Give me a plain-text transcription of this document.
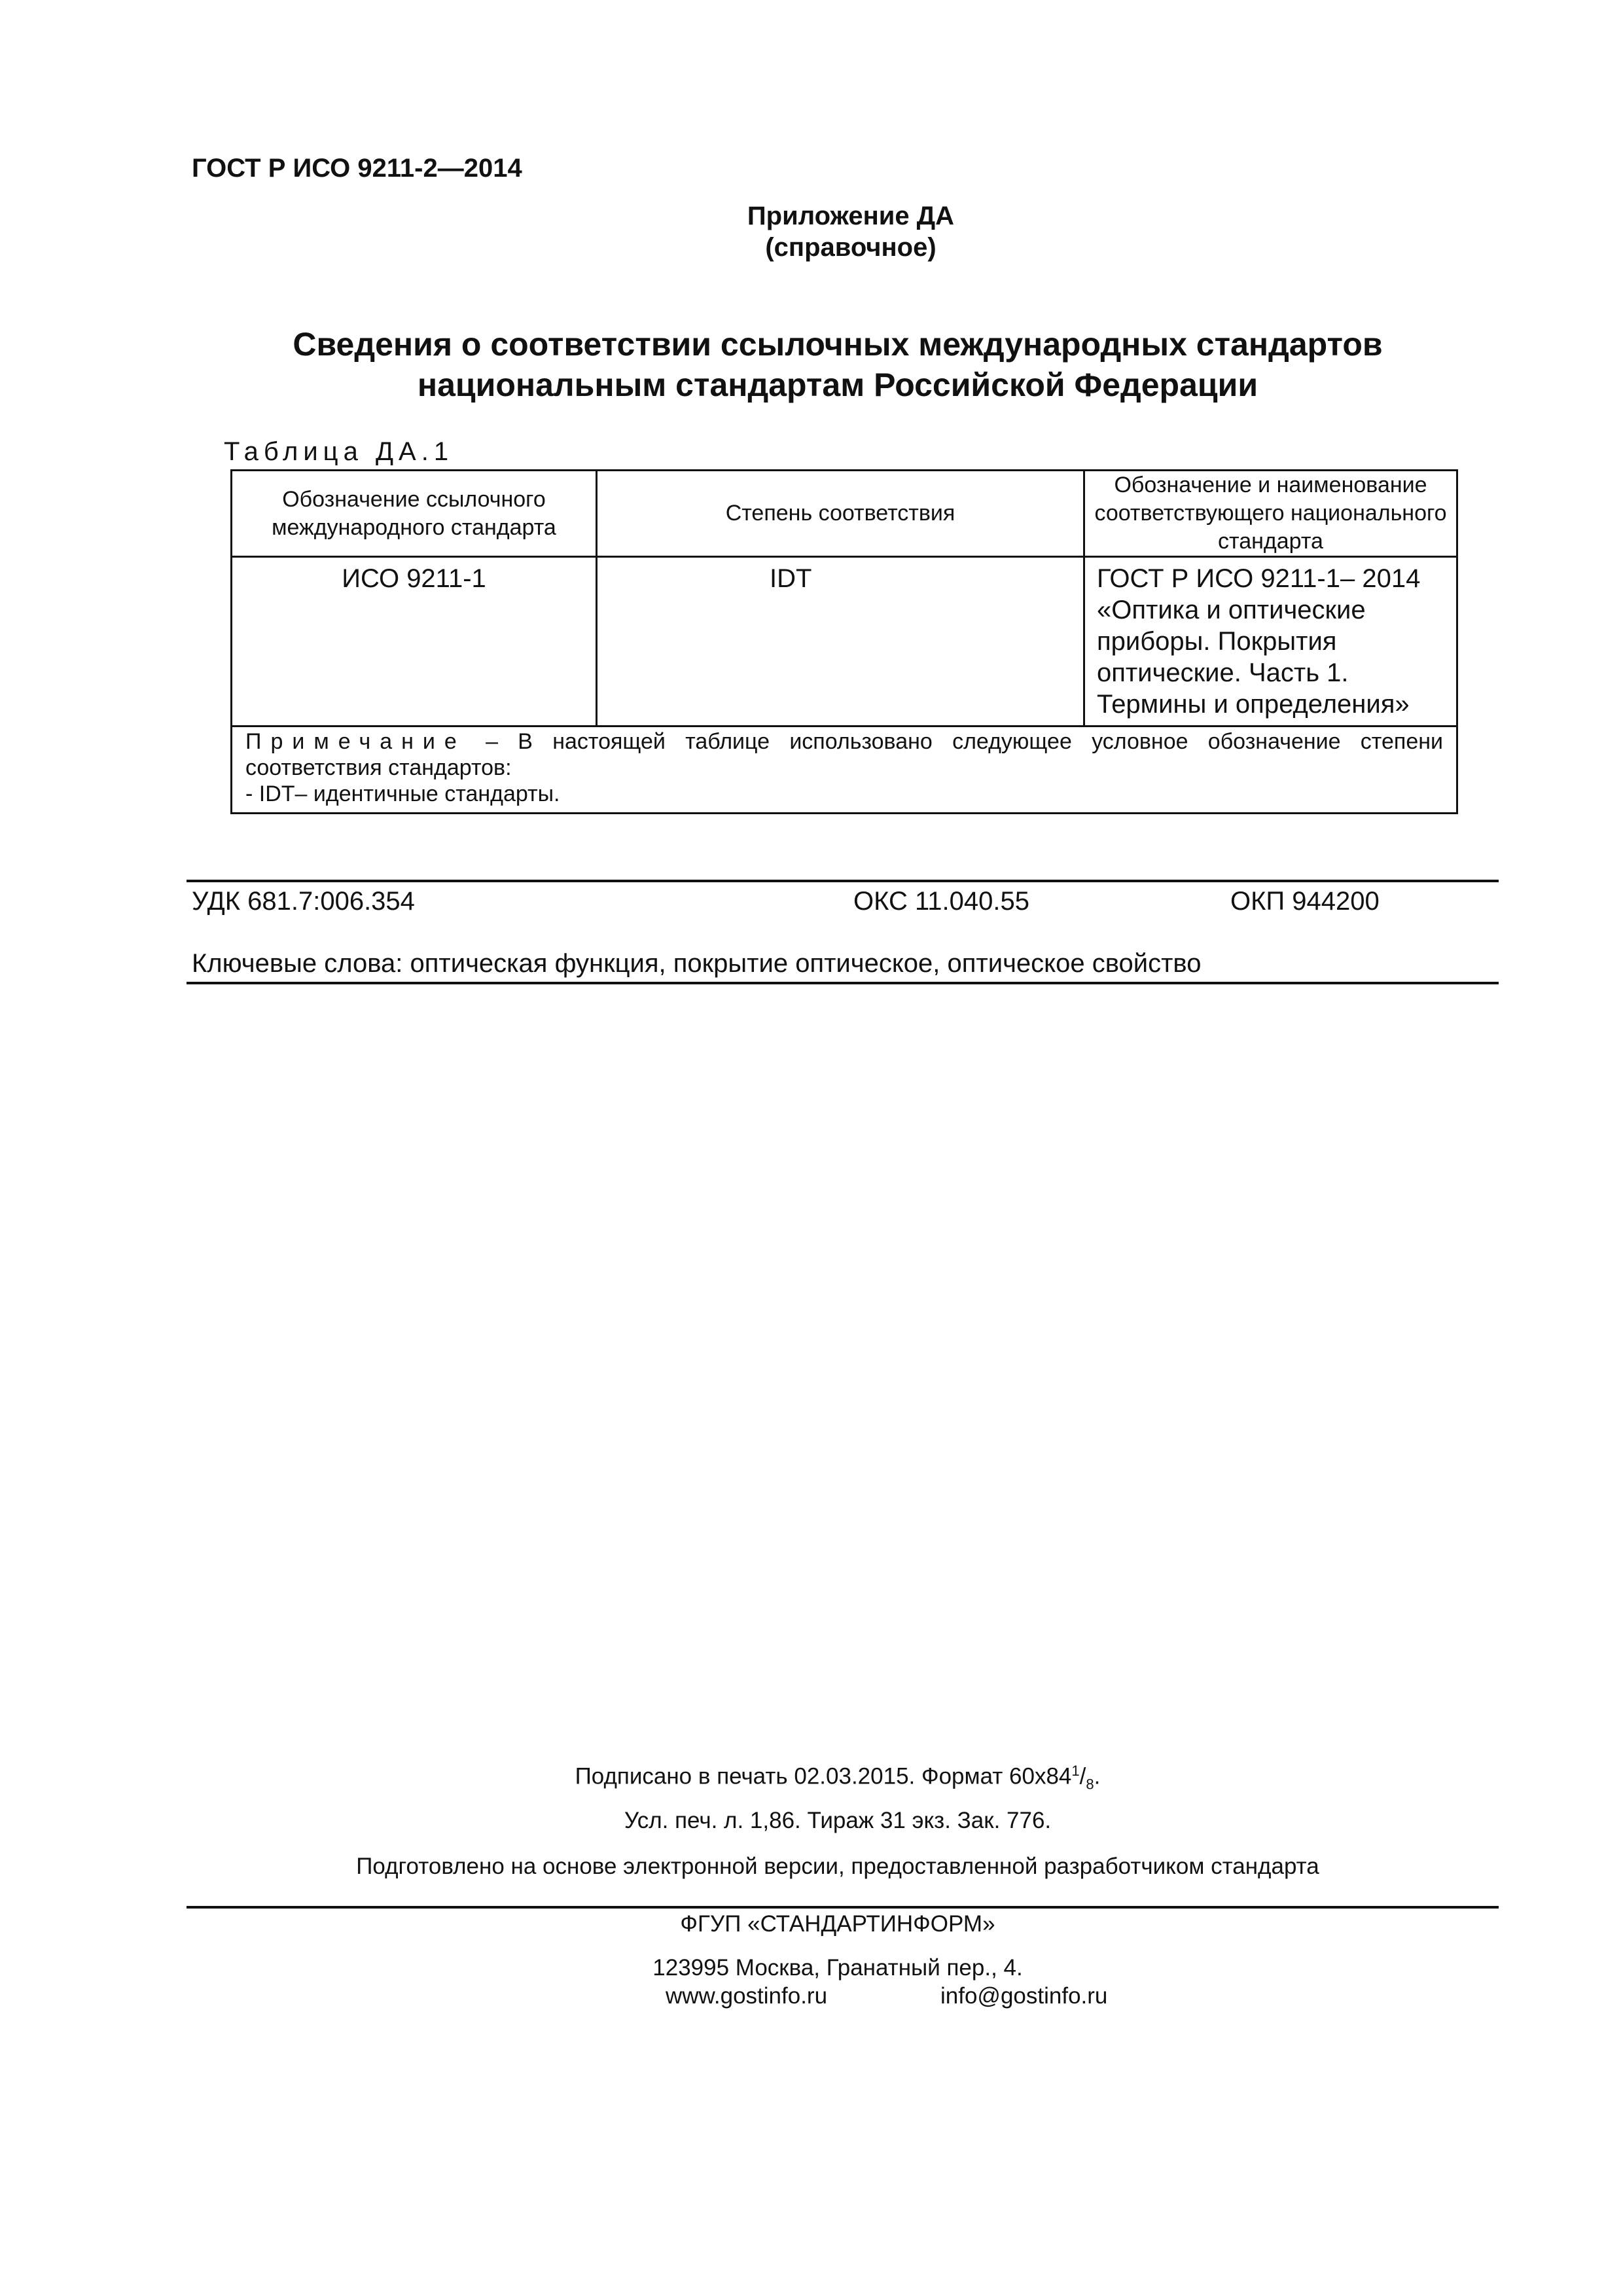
ГОСТ Р ИСО 9211-2—2014
Приложение ДА
(справочное)
Сведения о соответствии ссылочных международных стандартов
национальным стандартам Российской Федерации
Таблица ДА.1
Обозначение ссылочного международного стандарта	Степень соответствия	Обозначение и наименование соответствующего национального стандарта
ИСО 9211-1	IDT	ГОСТ Р ИСО 9211-1– 2014 «Оптика и оптические приборы. Покрытия оптические. Часть 1. Термины и определения»
Примечание – В настоящей таблице использовано следующее условное обозначение степени соответствия стандартов:
- IDT– идентичные стандарты.		
УДК 681.7:006.354	ОКС 11.040.55	ОКП 944200
Ключевые слова: оптическая функция, покрытие оптическое, оптическое свойство
Подписано в печать 02.03.2015. Формат $60x84^1/_8$.
Усл. печ. л. 1,86. Тираж 31 экз. Зак. 776.
Подготовлено на основе электронной версии, предоставленной разработчиком стандарта
ФГУП «СТАНДАРТИНФОРМ»
123995 Москва, Гранатный пер., 4.
www.gostinfo.ru	info@gostinfo.ru
